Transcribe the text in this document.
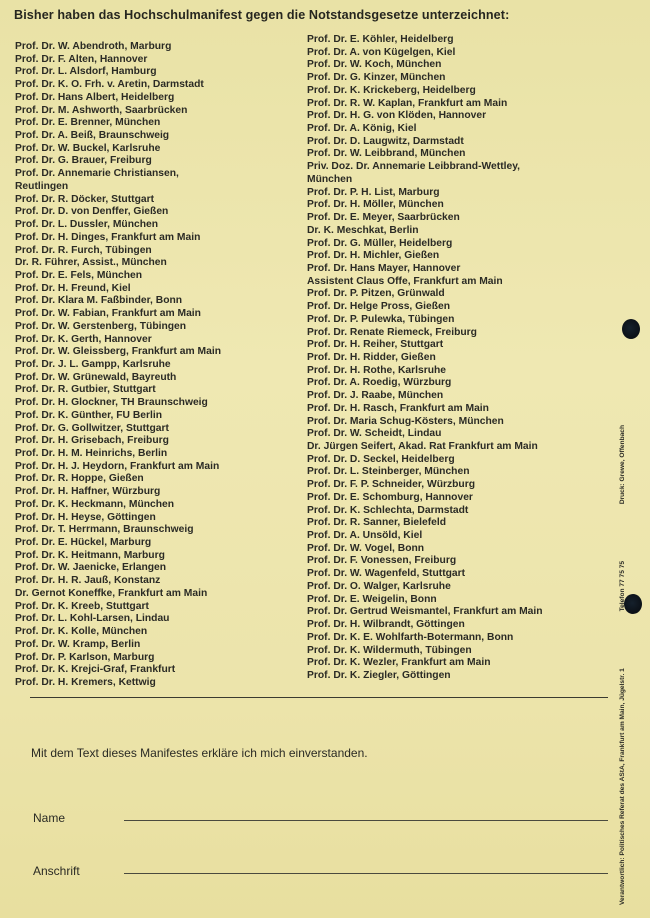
Bisher haben das Hochschulmanifest gegen die Notstandsgesetze unterzeichnet:
Prof. Dr. W. Abendroth, Marburg
Prof. Dr. F. Alten, Hannover
Prof. Dr. L. Alsdorf, Hamburg
Prof. Dr. K. O. Frh. v. Aretin, Darmstadt
Prof. Dr. Hans Albert, Heidelberg
Prof. Dr. M. Ashworth, Saarbrücken
Prof. Dr. E. Brenner, München
Prof. Dr. A. Beiß, Braunschweig
Prof. Dr. W. Buckel, Karlsruhe
Prof. Dr. G. Brauer, Freiburg
Prof. Dr. Annemarie Christiansen,
Reutlingen
Prof. Dr. R. Döcker, Stuttgart
Prof. Dr. D. von Denffer, Gießen
Prof. Dr. L. Dussler, München
Prof. Dr. H. Dinges, Frankfurt am Main
Prof. Dr. R. Furch, Tübingen
Dr. R. Führer, Assist., München
Prof. Dr. E. Fels, München
Prof. Dr. H. Freund, Kiel
Prof. Dr. Klara M. Faßbinder, Bonn
Prof. Dr. W. Fabian, Frankfurt am Main
Prof. Dr. W. Gerstenberg, Tübingen
Prof. Dr. K. Gerth, Hannover
Prof. Dr. W. Gleissberg, Frankfurt am Main
Prof. Dr. J. L. Gampp, Karlsruhe
Prof. Dr. W. Grünewald, Bayreuth
Prof. Dr. R. Gutbier, Stuttgart
Prof. Dr. H. Glockner, TH Braunschweig
Prof. Dr. K. Günther, FU Berlin
Prof. Dr. G. Gollwitzer, Stuttgart
Prof. Dr. H. Grisebach, Freiburg
Prof. Dr. H. M. Heinrichs, Berlin
Prof. Dr. H. J. Heydorn, Frankfurt am Main
Prof. Dr. R. Hoppe, Gießen
Prof. Dr. H. Haffner, Würzburg
Prof. Dr. K. Heckmann, München
Prof. Dr. H. Heyse, Göttingen
Prof. Dr. T. Herrmann, Braunschweig
Prof. Dr. E. Hückel, Marburg
Prof. Dr. K. Heitmann, Marburg
Prof. Dr. W. Jaenicke, Erlangen
Prof. Dr. H. R. Jauß, Konstanz
Dr. Gernot Koneffke, Frankfurt am Main
Prof. Dr. K. Kreeb, Stuttgart
Prof. Dr. L. Kohl-Larsen, Lindau
Prof. Dr. K. Kolle, München
Prof. Dr. W. Kramp, Berlin
Prof. Dr. P. Karlson, Marburg
Prof. Dr. K. Krejci-Graf, Frankfurt
Prof. Dr. H. Kremers, Kettwig
Prof. Dr. E. Köhler, Heidelberg
Prof. Dr. A. von Kügelgen, Kiel
Prof. Dr. W. Koch, München
Prof. Dr. G. Kinzer, München
Prof. Dr. K. Krickeberg, Heidelberg
Prof. Dr. R. W. Kaplan, Frankfurt am Main
Prof. Dr. H. G. von Klöden, Hannover
Prof. Dr. A. König, Kiel
Prof. Dr. D. Laugwitz, Darmstadt
Prof. Dr. W. Leibbrand, München
Priv. Doz. Dr. Annemarie Leibbrand-Wettley,
München
Prof. Dr. P. H. List, Marburg
Prof. Dr. H. Möller, München
Prof. Dr. E. Meyer, Saarbrücken
Dr. K. Meschkat, Berlin
Prof. Dr. G. Müller, Heidelberg
Prof. Dr. H. Michler, Gießen
Prof. Dr. Hans Mayer, Hannover
Assistent Claus Offe, Frankfurt am Main
Prof. Dr. P. Pitzen, Grünwald
Prof. Dr. Helge Pross, Gießen
Prof. Dr. P. Pulewka, Tübingen
Prof. Dr. Renate Riemeck, Freiburg
Prof. Dr. H. Reiher, Stuttgart
Prof. Dr. H. Ridder, Gießen
Prof. Dr. H. Rothe, Karlsruhe
Prof. Dr. A. Roedig, Würzburg
Prof. Dr. J. Raabe, München
Prof. Dr. H. Rasch, Frankfurt am Main
Prof. Dr. Maria Schug-Kösters, München
Prof. Dr. W. Scheidt, Lindau
Dr. Jürgen Seifert, Akad. Rat Frankfurt am Main
Prof. Dr. D. Seckel, Heidelberg
Prof. Dr. L. Steinberger, München
Prof. Dr. F. P. Schneider, Würzburg
Prof. Dr. E. Schomburg, Hannover
Prof. Dr. K. Schlechta, Darmstadt
Prof. Dr. R. Sanner, Bielefeld
Prof. Dr. A. Unsöld, Kiel
Prof. Dr. W. Vogel, Bonn
Prof. Dr. F. Vonessen, Freiburg
Prof. Dr. W. Wagenfeld, Stuttgart
Prof. Dr. O. Walger, Karlsruhe
Prof. Dr. E. Weigelin, Bonn
Prof. Dr. Gertrud Weismantel, Frankfurt am Main
Prof. Dr. H. Wilbrandt, Göttingen
Prof. Dr. K. E. Wohlfarth-Botermann, Bonn
Prof. Dr. K. Wildermuth, Tübingen
Prof. Dr. K. Wezler, Frankfurt am Main
Prof. Dr. K. Ziegler, Göttingen
Mit dem Text dieses Manifestes erkläre ich mich einverstanden.
Name
Anschrift	Verantwortlich: Politisches Referat des AStA, Frankfurt am Main, Jügelstr. 1
Telefon 77 75 75
Druck: Grewe, Offenbach
